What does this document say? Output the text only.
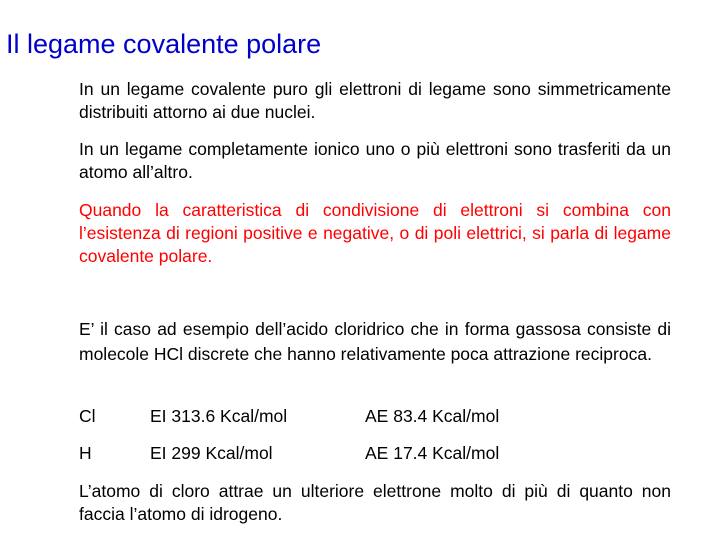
Il legame covalente polare
In un legame covalente puro gli elettroni di legame sono simmetricamente distribuiti attorno ai due nuclei.
In un legame completamente ionico uno o più elettroni sono trasferiti da un atomo all’altro.
Quando la caratteristica di condivisione di elettroni si combina con l’esistenza di regioni positive e negative, o di poli elettrici, si parla di legame covalente polare.
E’ il caso ad esempio dell’acido cloridrico che in forma gassosa consiste di molecole HCl discrete che hanno relativamente poca attrazione reciproca.
Cl	EI 313.6 Kcal/mol	AE 83.4 Kcal/mol
H	EI 299 Kcal/mol	AE 17.4 Kcal/mol
L’atomo di cloro attrae un ulteriore elettrone molto di più di quanto non faccia l’atomo di idrogeno.
